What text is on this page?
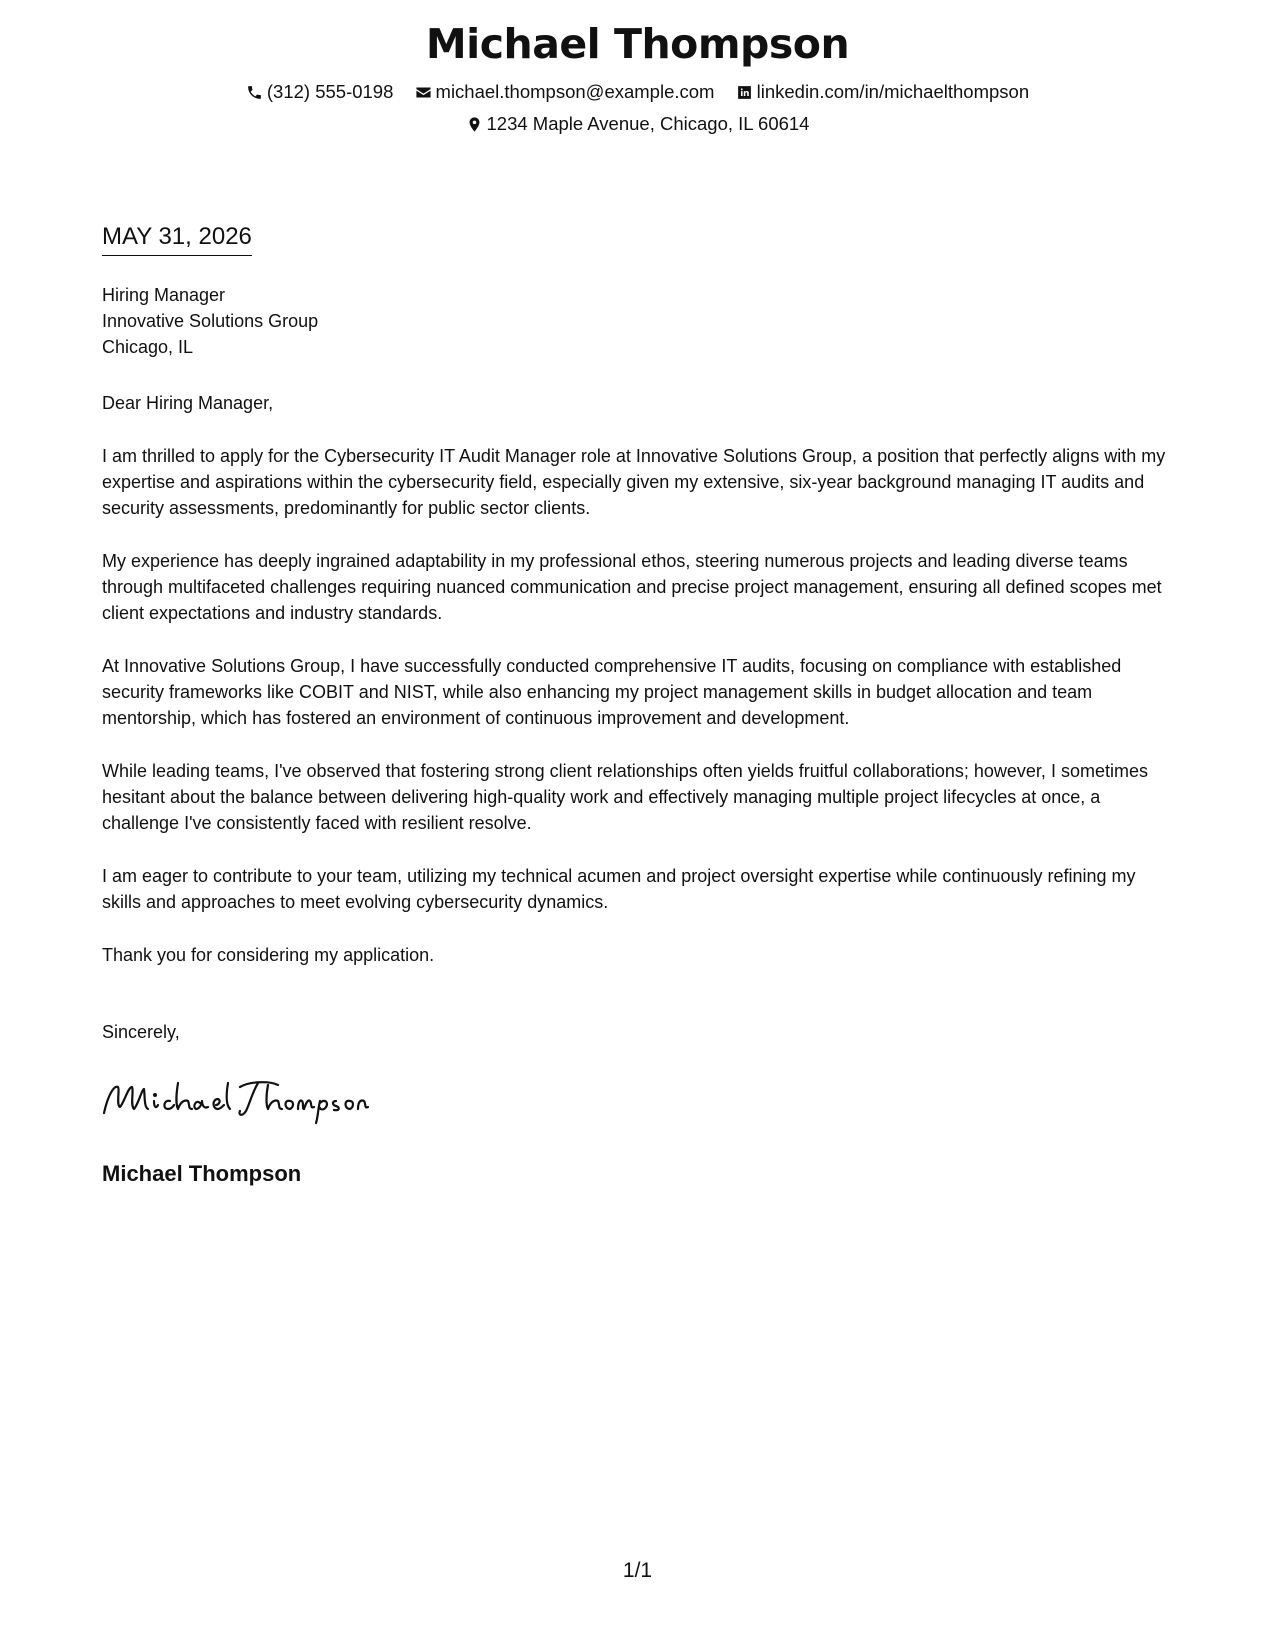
Michael Thompson
(312) 555-0198
michael.thompson@example.com
linkedin.com/in/michaelthompson
1234 Maple Avenue, Chicago, IL 60614
MAY 31, 2026
Hiring Manager
Innovative Solutions Group
Chicago, IL

Dear Hiring Manager,

I am thrilled to apply for the Cybersecurity IT Audit Manager role at Innovative Solutions Group, a position that perfectly aligns with my expertise and aspirations within the cybersecurity field, especially given my extensive, six-year background managing IT audits and security assessments, predominantly for public sector clients.

My experience has deeply ingrained adaptability in my professional ethos, steering numerous projects and leading diverse teams through multifaceted challenges requiring nuanced communication and precise project management, ensuring all defined scopes met client expectations and industry standards.

At Innovative Solutions Group, I have successfully conducted comprehensive IT audits, focusing on compliance with established security frameworks like COBIT and NIST, while also enhancing my project management skills in budget allocation and team mentorship, which has fostered an environment of continuous improvement and development.

While leading teams, I've observed that fostering strong client relationships often yields fruitful collaborations; however, I sometimes hesitant about the balance between delivering high-quality work and effectively managing multiple project lifecycles at once, a challenge I've consistently faced with resilient resolve.

I am eager to contribute to your team, utilizing my technical acumen and project oversight expertise while continuously refining my skills and approaches to meet evolving cybersecurity dynamics.

Thank you for considering my application.

Sincerely,

Michael Thompson
1/1
